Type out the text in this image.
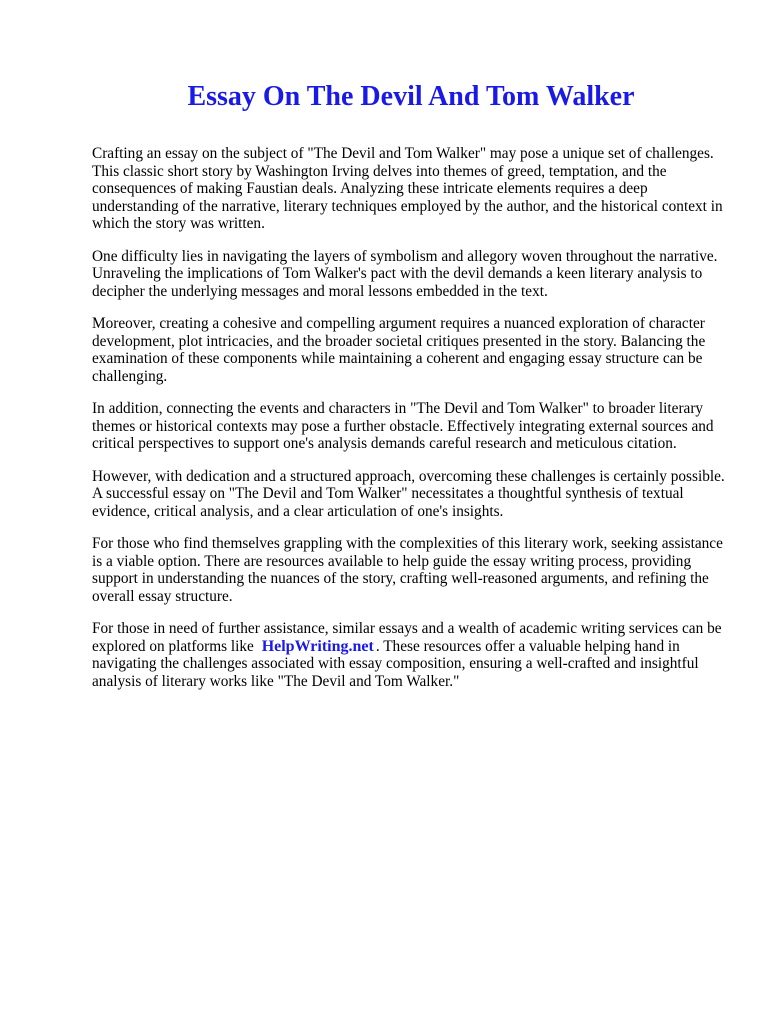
Essay On The Devil And Tom Walker

Crafting an essay on the subject of "The Devil and Tom Walker" may pose a unique set of challenges. This classic short story by Washington Irving delves into themes of greed, temptation, and the consequences of making Faustian deals. Analyzing these intricate elements requires a deep understanding of the narrative, literary techniques employed by the author, and the historical context in which the story was written.

One difficulty lies in navigating the layers of symbolism and allegory woven throughout the narrative. Unraveling the implications of Tom Walker's pact with the devil demands a keen literary analysis to decipher the underlying messages and moral lessons embedded in the text.

Moreover, creating a cohesive and compelling argument requires a nuanced exploration of character development, plot intricacies, and the broader societal critiques presented in the story. Balancing the examination of these components while maintaining a coherent and engaging essay structure can be challenging.

In addition, connecting the events and characters in "The Devil and Tom Walker" to broader literary themes or historical contexts may pose a further obstacle. Effectively integrating external sources and critical perspectives to support one's analysis demands careful research and meticulous citation.

However, with dedication and a structured approach, overcoming these challenges is certainly possible. A successful essay on "The Devil and Tom Walker" necessitates a thoughtful synthesis of textual evidence, critical analysis, and a clear articulation of one's insights.

For those who find themselves grappling with the complexities of this literary work, seeking assistance is a viable option. There are resources available to help guide the essay writing process, providing support in understanding the nuances of the story, crafting well-reasoned arguments, and refining the overall essay structure.

For those in need of further assistance, similar essays and a wealth of academic writing services can be explored on platforms like HelpWriting.net . These resources offer a valuable helping hand in navigating the challenges associated with essay composition, ensuring a well-crafted and insightful analysis of literary works like "The Devil and Tom Walker."
